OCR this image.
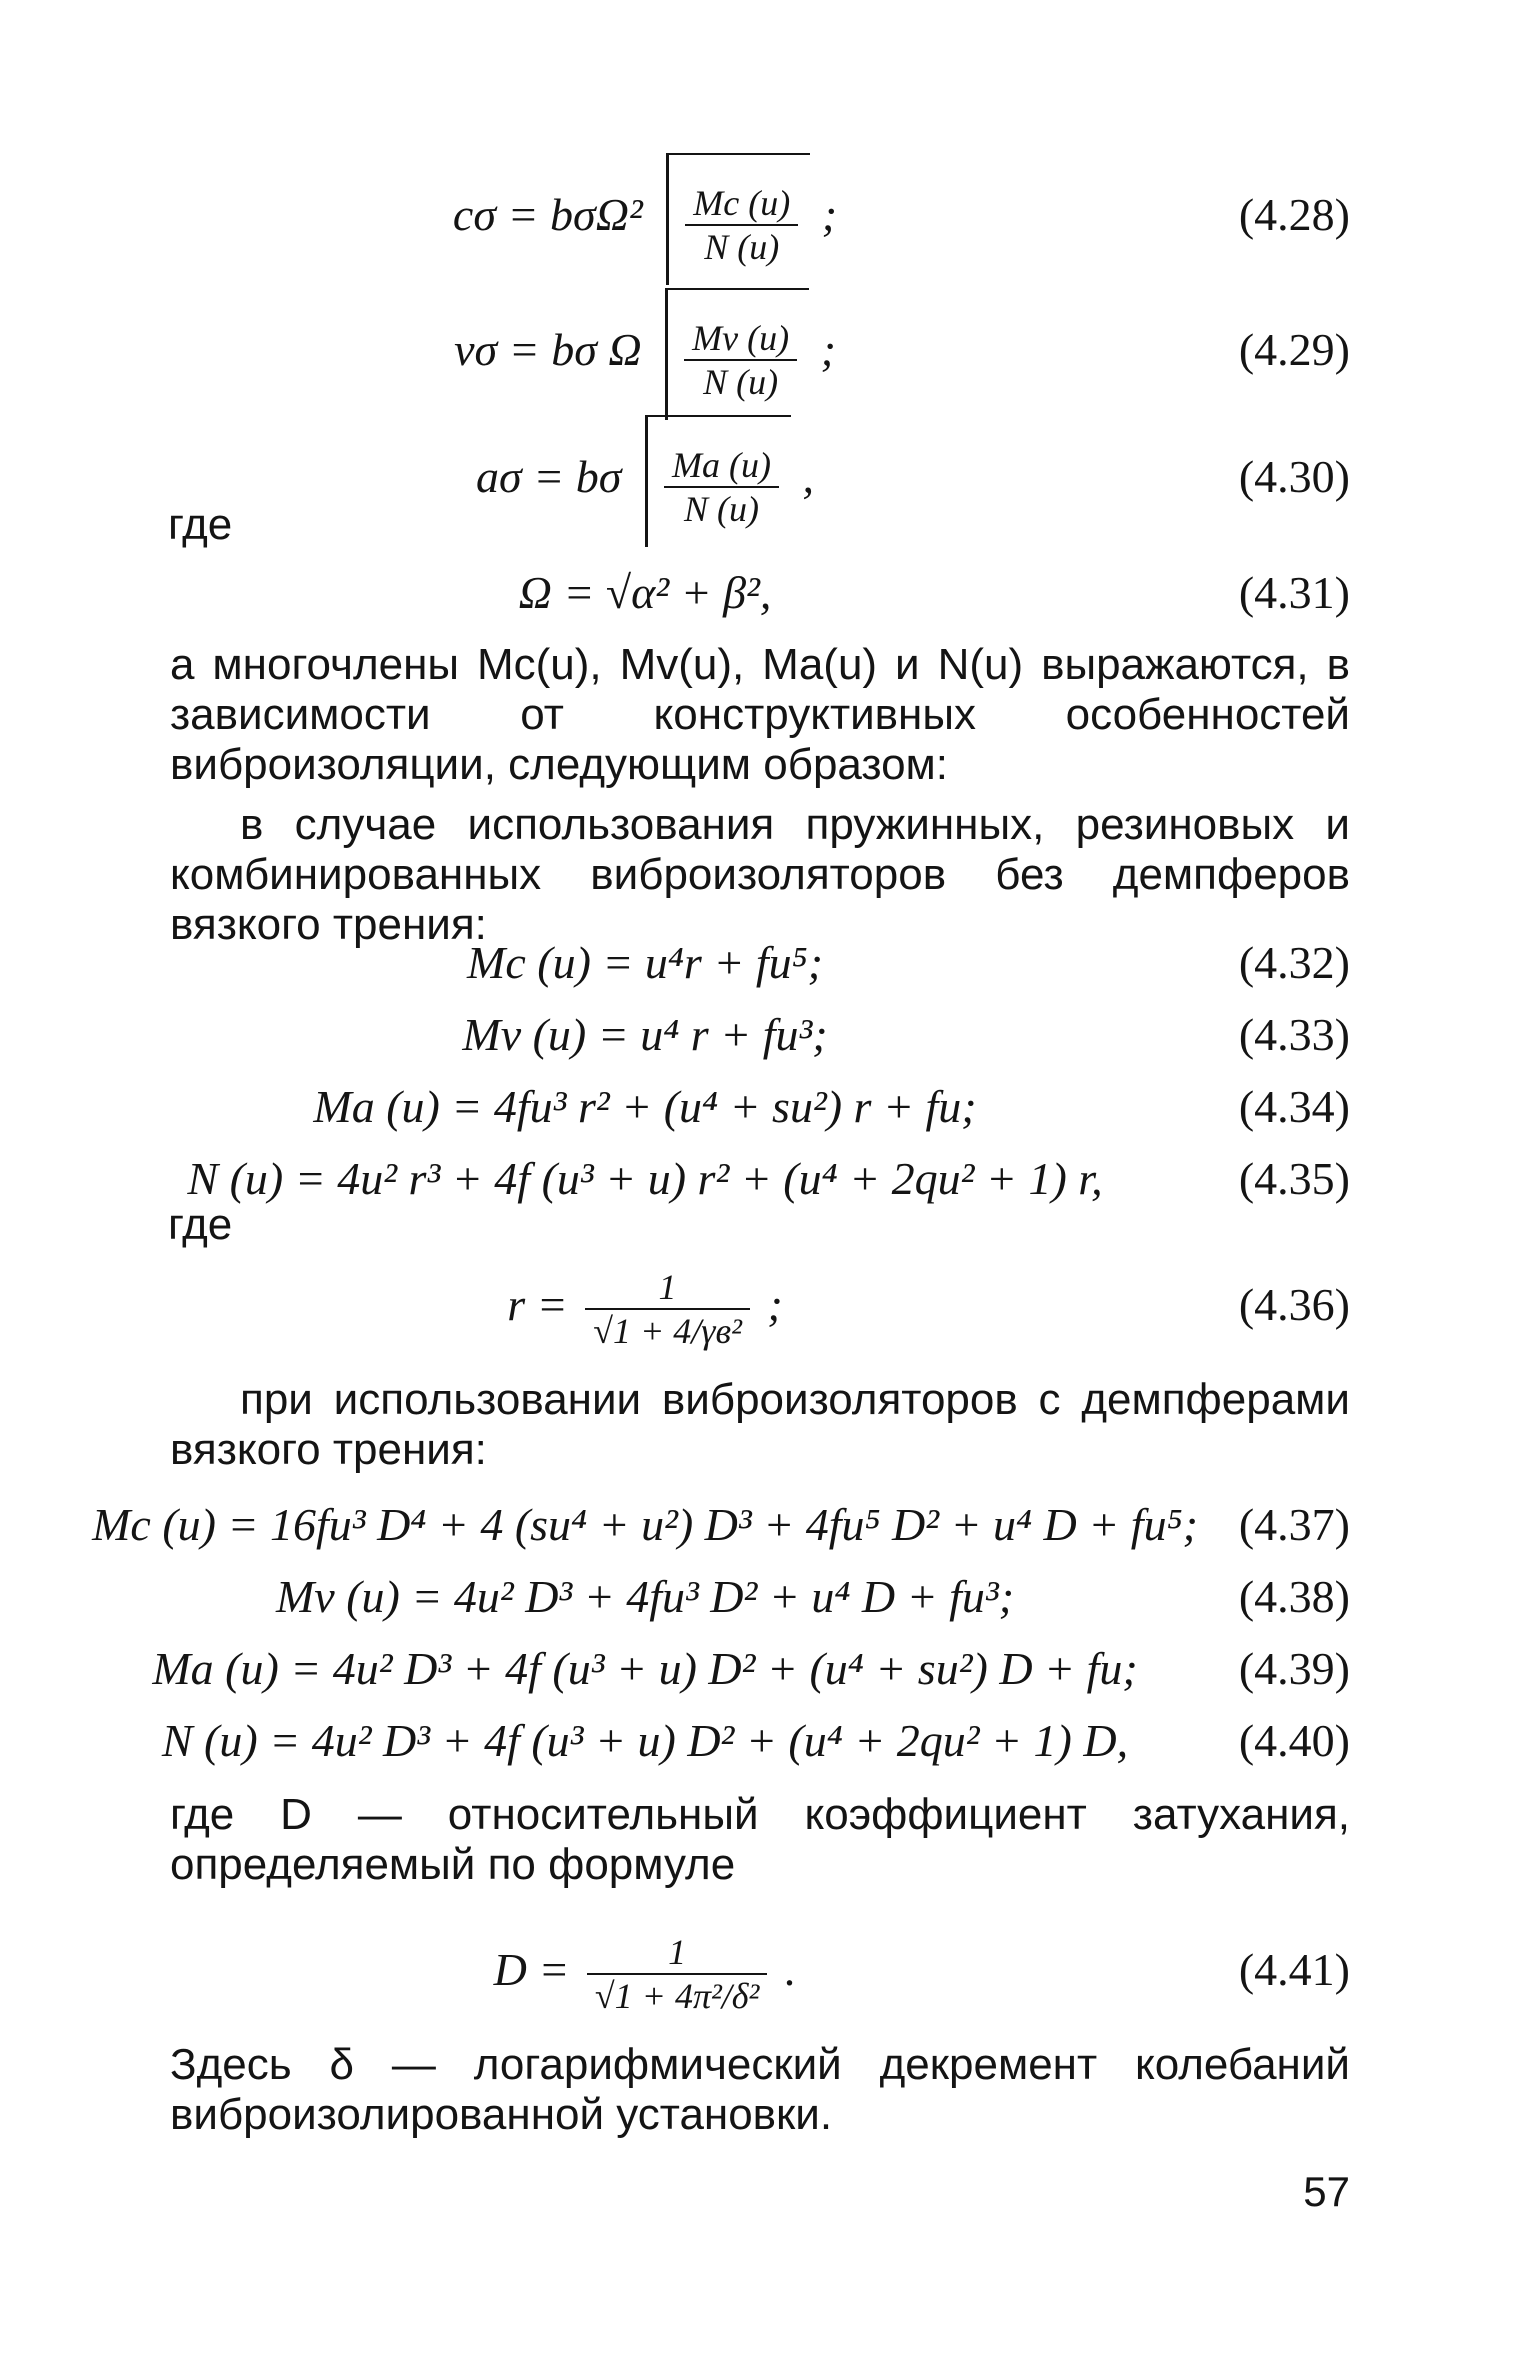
$c\sigma = b\sigma\Omega^2 \frac{Mc (u)}{N (u)}$ ;	(4.28)
vσ = bσ Ω $\frac{Mv (u)}{N (u)}$ ;	(4.29)
aσ = bσ $\frac{Ma (u)}{N (u)}$ ,	(4.30)
где
Ω = √α² + β²,	(4.31)
а многочлены Mc(u), Mv(u), Ma(u) и N(u) выражаются, в зависимости от конструктивных особенностей виброизоляции, следующим образом:
в случае использования пружинных, резиновых и комбинированных виброизоляторов без демпферов вязкого трения:
Mc (u) = u⁴r + fu⁵;	(4.32)
Mv (u) = u⁴ r + fu³;	(4.33)
Ma (u) = 4fu³ r² + (u⁴ + su²) r + fu;	(4.34)
N (u) = 4u² r³ + 4f (u³ + u) r² + (u⁴ + 2qu² + 1) r,	(4.35)
где
$r = \frac{1}{\text{√1 + 4/γв²}}$ ;	(4.36)
при использовании виброизоляторов с демпферами вязкого трения:
Mc (u) = 16fu³ D⁴ + 4 (su⁴ + u²) D³ + 4fu⁵ D² + u⁴ D + fu⁵; (4.37)
Mv (u) = 4u² D³ + 4fu³ D² + u⁴ D + fu³;	(4.38)
Ma (u) = 4u² D³ + 4f (u³ + u) D² + (u⁴ + su²) D + fu;	(4.39)
N (u) = 4u² D³ + 4f (u³ + u) D² + (u⁴ + 2qu² + 1) D,	(4.40)
где D — относительный коэффициент затухания, определяемый по формуле
$D = \frac{1}{\text{√1 + 4π²/δ²}}$ .	(4.41)
Здесь δ — логарифмический декремент колебаний виброизолированной установки.
57
